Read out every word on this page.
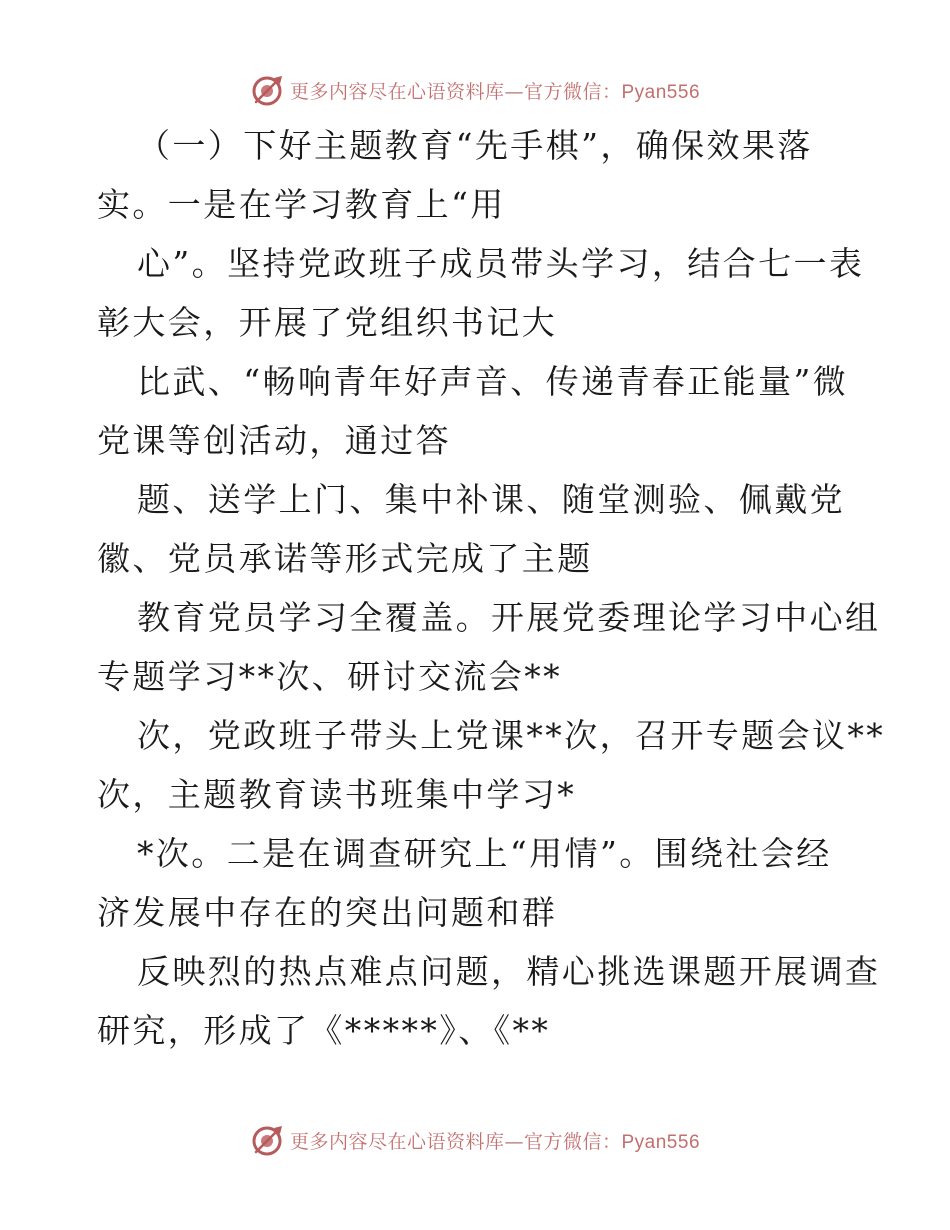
更多内容尽在心语资料库—官方微信：Pyan556
（一）下好主题教育“先手棋”，确保效果落
实。一是在学习教育上“用
心”。坚持党政班子成员带头学习，结合七一表
彰大会，开展了党组织书记大
比武、“畅响青年好声音、传递青春正能量”微
党课等创活动，通过答
题、送学上门、集中补课、随堂测验、佩戴党
徽、党员承诺等形式完成了主题
教育党员学习全覆盖。开展党委理论学习中心组
专题学习**次、研讨交流会**
次，党政班子带头上党课**次，召开专题会议**
次，主题教育读书班集中学习*
*次。二是在调查研究上“用情”。围绕社会经
济发展中存在的突出问题和群
反映烈的热点难点问题，精心挑选课题开展调查
研究，形成了《*****》、《**
更多内容尽在心语资料库—官方微信：Pyan556
